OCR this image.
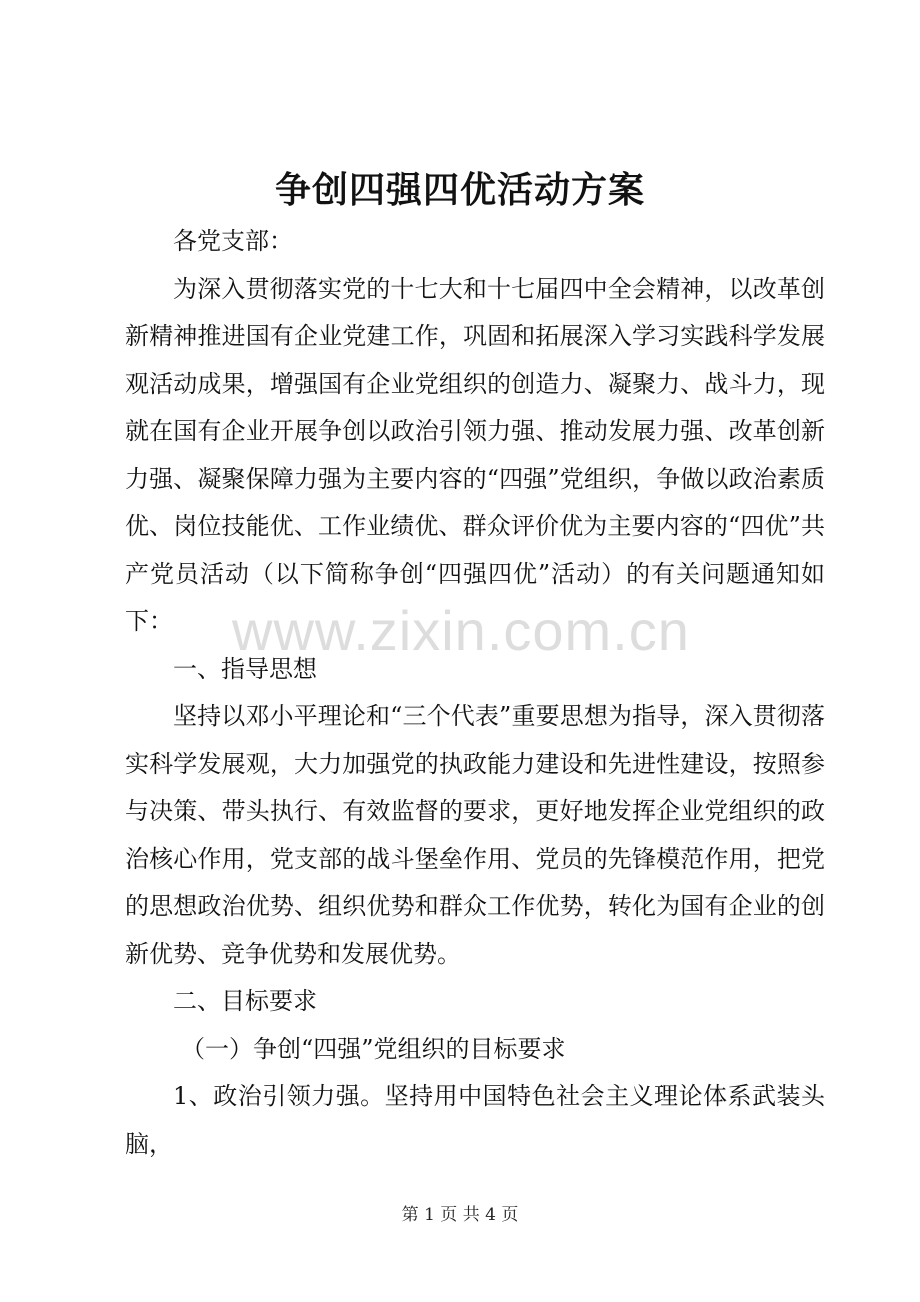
争创四强四优活动方案

各党支部：

为深入贯彻落实党的十七大和十七届四中全会精神，以改革创新精神推进国有企业党建工作，巩固和拓展深入学习实践科学发展观活动成果，增强国有企业党组织的创造力、凝聚力、战斗力，现就在国有企业开展争创以政治引领力强、推动发展力强、改革创新力强、凝聚保障力强为主要内容的“四强”党组织，争做以政治素质优、岗位技能优、工作业绩优、群众评价优为主要内容的“四优”共产党员活动（以下简称争创“四强四优”活动）的有关问题通知如下：

一、指导思想

坚持以邓小平理论和“三个代表”重要思想为指导，深入贯彻落实科学发展观，大力加强党的执政能力建设和先进性建设，按照参与决策、带头执行、有效监督的要求，更好地发挥企业党组织的政治核心作用，党支部的战斗堡垒作用、党员的先锋模范作用，把党的思想政治优势、组织优势和群众工作优势，转化为国有企业的创新优势、竞争优势和发展优势。

二、目标要求

（一）争创“四强”党组织的目标要求

1、政治引领力强。坚持用中国特色社会主义理论体系武装头脑，

www.zixin.com.cn
第 1 页 共 4 页
